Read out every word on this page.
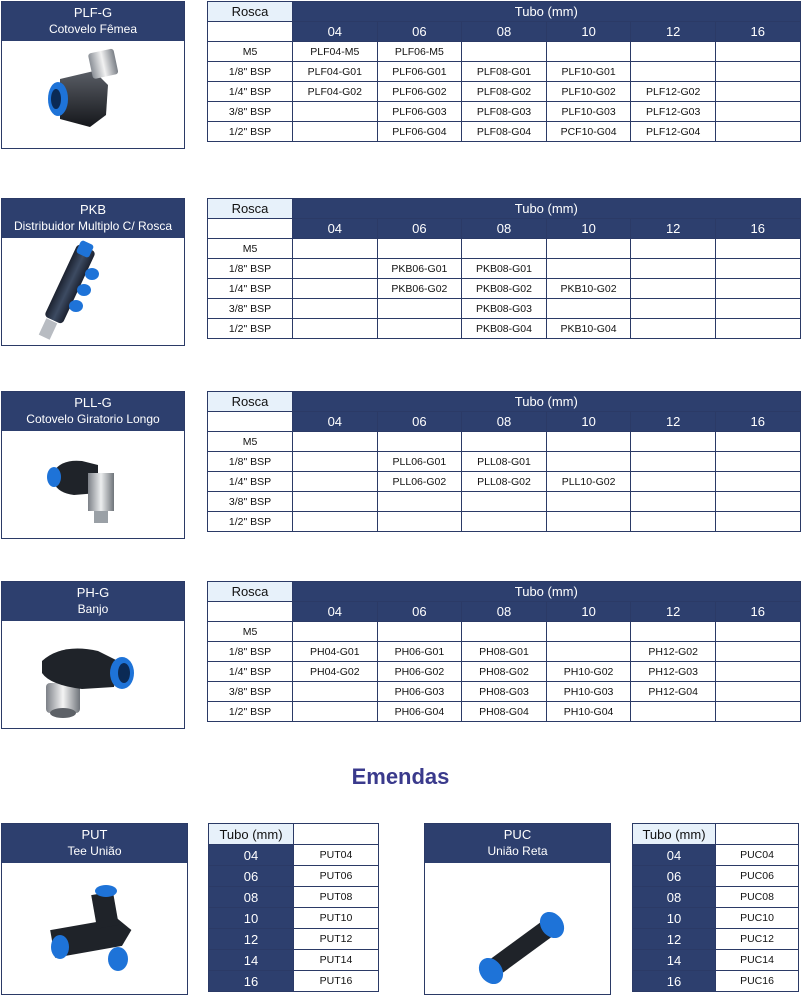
PLF-G
Cotovelo Fêmea
Rosca	Tubo (mm)					
	04	06	08	10	12	16
M5	PLF04-M5	PLF06-M5				
1/8" BSP	PLF04-G01	PLF06-G01	PLF08-G01	PLF10-G01		
1/4" BSP	PLF04-G02	PLF06-G02	PLF08-G02	PLF10-G02	PLF12-G02	
3/8" BSP		PLF06-G03	PLF08-G03	PLF10-G03	PLF12-G03	
1/2" BSP		PLF06-G04	PLF08-G04	PCF10-G04	PLF12-G04	
PKB
Distribuidor Multiplo C/ Rosca
Rosca	Tubo (mm)					
	04	06	08	10	12	16
M5						
1/8" BSP		PKB06-G01	PKB08-G01			
1/4" BSP		PKB06-G02	PKB08-G02	PKB10-G02		
3/8" BSP			PKB08-G03			
1/2" BSP			PKB08-G04	PKB10-G04		
PLL-G
Cotovelo Giratorio Longo
Rosca	Tubo (mm)					
	04	06	08	10	12	16
M5						
1/8" BSP		PLL06-G01	PLL08-G01			
1/4" BSP		PLL06-G02	PLL08-G02	PLL10-G02		
3/8" BSP						
1/2" BSP						
PH-G
Banjo
Rosca	Tubo (mm)					
	04	06	08	10	12	16
M5						
1/8" BSP	PH04-G01	PH06-G01	PH08-G01		PH12-G02	
1/4" BSP	PH04-G02	PH06-G02	PH08-G02	PH10-G02	PH12-G03	
3/8" BSP		PH06-G03	PH08-G03	PH10-G03	PH12-G04	
1/2" BSP		PH06-G04	PH08-G04	PH10-G04		
Emendas
PUT
Tee União
Tubo (mm)	
04	PUT04
06	PUT06
08	PUT08
10	PUT10
12	PUT12
14	PUT14
16	PUT16
PUC
União Reta
Tubo (mm)	
04	PUC04
06	PUC06
08	PUC08
10	PUC10
12	PUC12
14	PUC14
16	PUC16
